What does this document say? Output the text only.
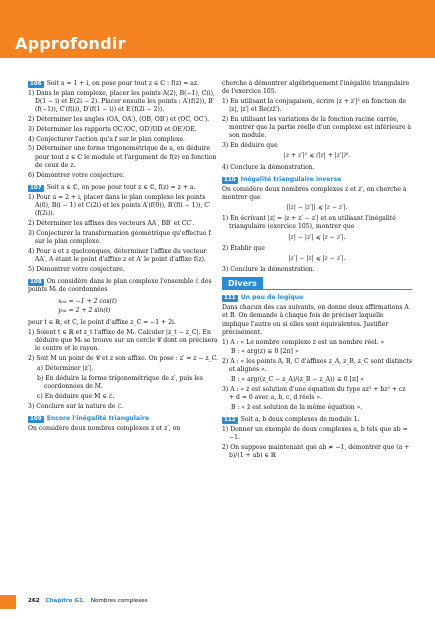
Approfondir

106 Soit a = 1 + i, on pose pour tout z ∈ ℂ : f(z) = az.

1) Dans le plan complexe, placer les points A(2), B(−1), C(i), D(1 − i) et E(2i − 2). Placer ensuite les points : A′(f(2)), B′(f(−1)), C′(f(i)), D′(f(1 − i)) et E′(f(2i − 2)).

2) Déterminer les angles (OA, OA′), (OB, OB′) et (OC, OC′).

3) Déterminer les rapports OC′/OC, OD′/OD et OE′/OE.

4) Conjecturer l'action qu'a f sur le plan complexe.

5) Déterminer une forme trigonométrique de a, en déduire pour tout z ∈ ℂ le module et l'argument de f(z) en fonction de ceux de z.

6) Démontrer votre conjecture.

107 Soit a ∈ ℂ, on pose pour tout z ∈ ℂ, f(z) = z + a.

1) Pour a = 2 + i, placer dans le plan complexe les points A(0), B(i − 1) et C(2i) et les points A′(f(0)), B′(f(i − 1)), C′(f(2i)).

2) Déterminer les affixes des vecteurs AA′, BB′ et CC′.

3) Conjecturer la transformation géométrique qu'effectue f sur le plan complexe.

4) Pour a et z quelconques, déterminer l'affixe du vecteur AA′, A étant le point d'affixe z et A′ le point d'affixe f(z).

5) Démontrer votre conjecture.

108 On considère dans le plan complexe l'ensemble ℰ des points Mₜ de coordonnées

xₘₜ = −1 + 2 cos(t)
yₘₜ = 2 + 2 sin(t)

pour t ∈ ℝ, et C, le point d'affixe z_C = −1 + 2i.

1) Soient t ∈ ℝ et z_t l'affixe de Mₜ. Calculer |z_t − z_C|. En déduire que Mₜ se trouve sur un cercle 𝒞 dont on précisera le centre et le rayon.

2) Soit M un point de 𝒞 et z son affixe. On pose : z′ = z − z_C.

a) Déterminer |z′|.

b) En déduire la forme trigonométrique de z′, puis les coordonnées de M.

c) En déduire que M ∈ ℰ.

3) Conclure sur la nature de ℰ.

109 Encore l'inégalité triangulaire

On considère deux nombres complexes z et z′, on

cherche à démontrer algébriquement l'inégalité triangulaire de l'exercice 105.

1) En utilisant la conjugaison, écrire |z + z′|² en fonction de |z|, |z′| et Re(zz̄′).

2) En utilisant les variations de la fonction racine carrée, montrer que la partie réelle d'un complexe est inférieure à son module.

3) En déduire que

|z + z′|² ⩽ (|z| + |z′|)².

4) Conclure la démonstration.

110 Inégalité triangulaire inverse

On considère deux nombres complexes z et z′, on cherche à montrer que

||z| − |z′|| ⩽ |z − z′|.

1) En écrivant |z| = |z + z′ − z′| et en utilisant l'inégalité triangulaire (exercice 105), montrer que

|z| − |z′| ⩽ |z − z′|.

2) Établir que

|z′| − |z| ⩽ |z − z′|.

3) Conclure la démonstration.

Divers

111 Un peu de logique

Dans chacun des cas suivants, on donne deux affirmations A et B. On demande à chaque fois de préciser laquelle implique l'autre ou si elles sont équivalentes. Justifier précisément.

1) A : « Le nombre complexe z est un nombre réel. »

B : « arg(z) ≡ 0 [2π] »

2) A : « les points A, B, C d'affixes z_A, z_B, z_C sont distincts et alignés ».

B : « arg((z_C − z_A)/(z_B − z_A)) ≡ 0 [π] »

3) A : « z est solution d'une équation du type az² + bz² + cz + d = 0 avec a, b, c, d réels ».

B : « z̄ est solution de la même équation ».

112 Soit a, b deux complexes de module 1.

1) Donner un exemple de deux complexes a, b tels que ab = −1.

2) On suppose maintenant que ab ≠ −1, démontrer que (a + b)/(1 + ab) ∈ ℝ

262 Chapitre G1. Nombres complexes
